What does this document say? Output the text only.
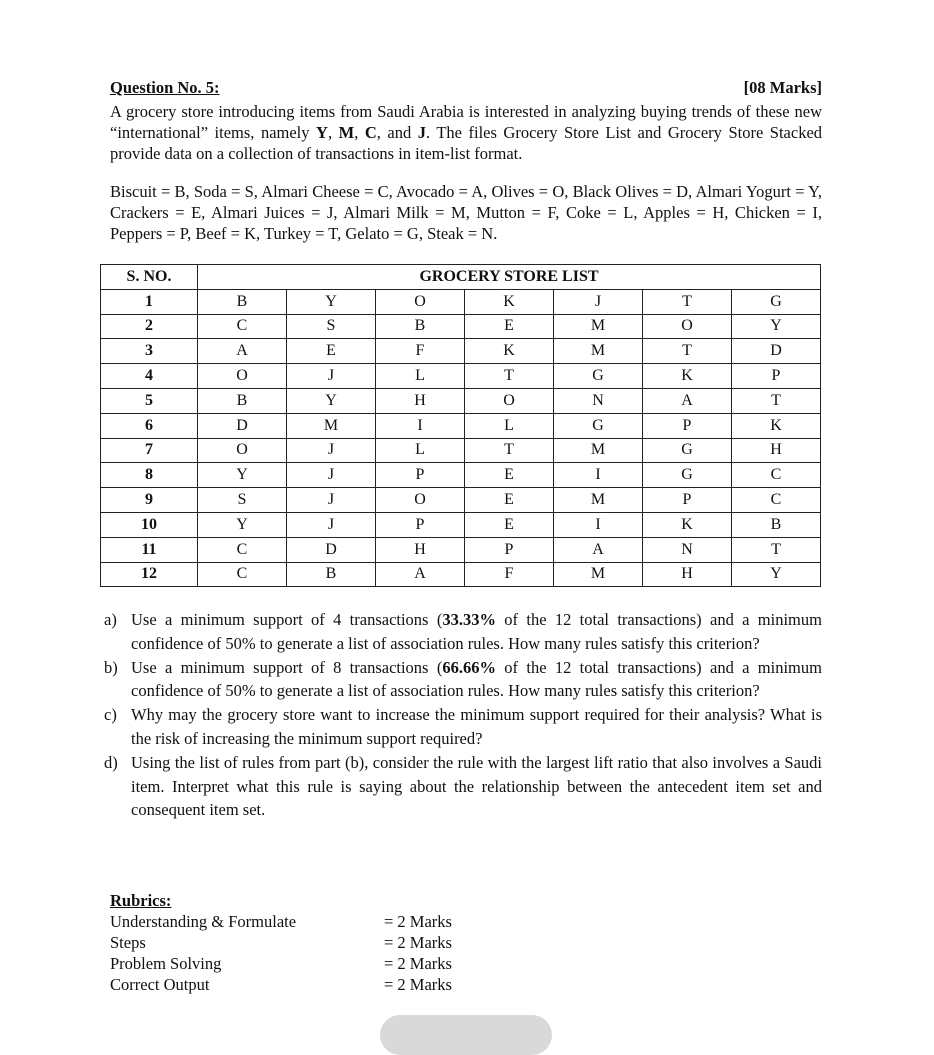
Question No. 5:	[08 Marks]
A grocery store introducing items from Saudi Arabia is interested in analyzing buying trends of these new “international” items, namely Y, M, C, and J. The files Grocery Store List and Grocery Store Stacked provide data on a collection of transactions in item-list format.
Biscuit = B, Soda = S, Almari Cheese = C, Avocado = A, Olives = O, Black Olives = D, Almari Yogurt = Y, Crackers = E, Almari Juices = J, Almari Milk = M, Mutton = F, Coke = L, Apples = H, Chicken = I, Peppers = P, Beef = K, Turkey = T, Gelato = G, Steak = N.
S. NO.	GROCERY STORE LIST						
1	B	Y	O	K	J	T	G
2	C	S	B	E	M	O	Y
3	A	E	F	K	M	T	D
4	O	J	L	T	G	K	P
5	B	Y	H	O	N	A	T
6	D	M	I	L	G	P	K
7	O	J	L	T	M	G	H
8	Y	J	P	E	I	G	C
9	S	J	O	E	M	P	C
10	Y	J	P	E	I	K	B
11	C	D	H	P	A	N	T
12	C	B	A	F	M	H	Y
a) Use a minimum support of 4 transactions (33.33% of the 12 total transactions) and a minimum confidence of 50% to generate a list of association rules. How many rules satisfy this criterion?
b) Use a minimum support of 8 transactions (66.66% of the 12 total transactions) and a minimum confidence of 50% to generate a list of association rules. How many rules satisfy this criterion?
c) Why may the grocery store want to increase the minimum support required for their analysis? What is the risk of increasing the minimum support required?
d) Using the list of rules from part (b), consider the rule with the largest lift ratio that also involves a Saudi item. Interpret what this rule is saying about the relationship between the antecedent item set and consequent item set.
Rubrics:
Understanding & Formulate	= 2 Marks
Steps	= 2 Marks
Problem Solving	= 2 Marks
Correct Output	= 2 Marks
